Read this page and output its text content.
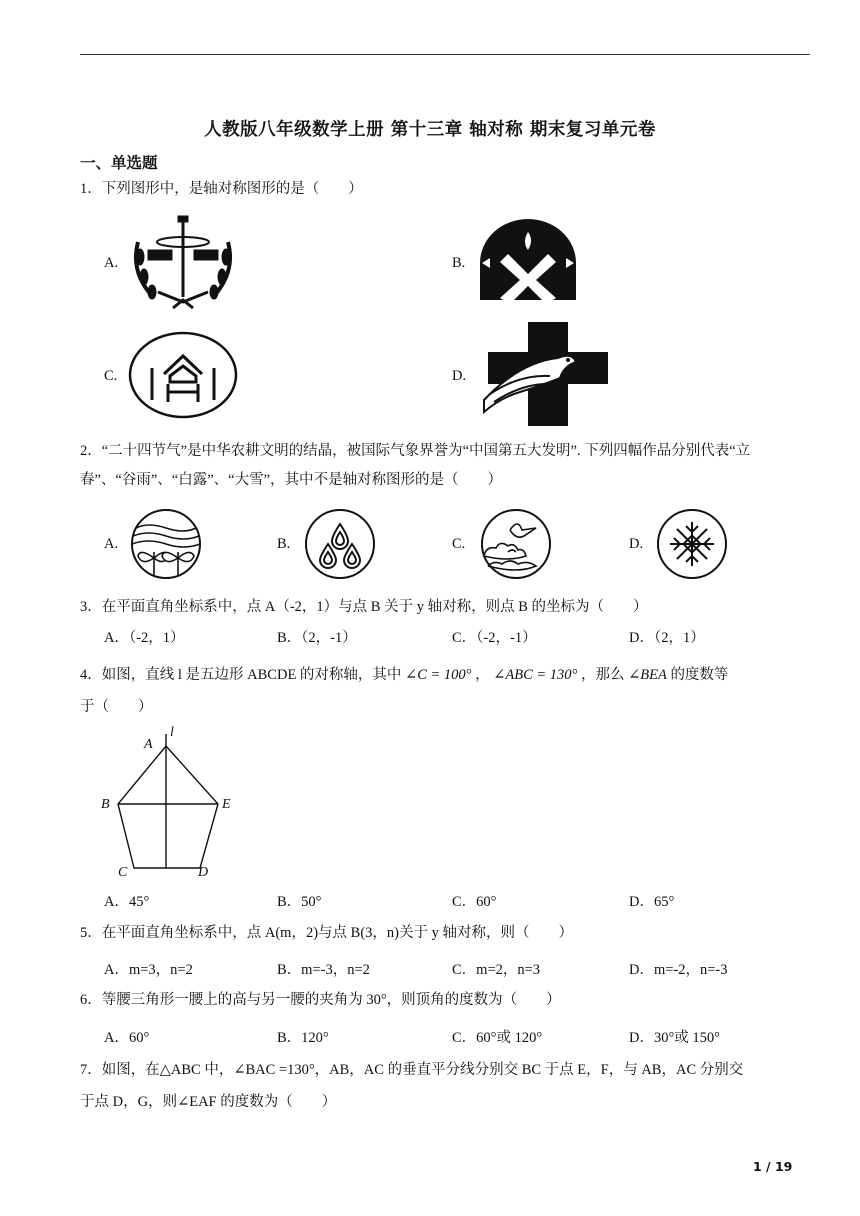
人教版八年级数学上册 第十三章 轴对称 期末复习单元卷
一、单选题
1．下列图形中，是轴对称图形的是（　　）
A.	B.
C.	D.
2．“二十四节气”是中华农耕文明的结晶，被国际气象界誉为“中国第五大发明”. 下列四幅作品分别代表“立
春”、“谷雨”、“白露”、“大雪”，其中不是轴对称图形的是（　　）
A.	B.	C.	D.
3．在平面直角坐标系中，点 A（-2，1）与点 B 关于 y 轴对称，则点 B 的坐标为（　　）
A．（-2，1）	B．（2，-1）	C．（-2，-1）	D．（2，1）
4．如图，直线 l 是五边形 ABCDE 的对称轴，其中 ∠C = 100° ， ∠ABC = 130° ，那么 ∠BEA 的度数等
于（　　）
A
l
B	E
C	D
A．45°	B．50°	C．60°	D．65°
5．在平面直角坐标系中，点 A(m，2)与点 B(3，n)关于 y 轴对称，则（　　）
A．m=3，n=2	B．m=-3，n=2	C．m=2，n=3	D．m=-2，n=-3
6．等腰三角形一腰上的高与另一腰的夹角为 30°，则顶角的度数为（　　）
A．60°	B．120°	C．60°或 120°	D．30°或 150°
7．如图，在△ABC 中，∠BAC =130°，AB，AC 的垂直平分线分别交 BC 于点 E，F，与 AB，AC 分别交
于点 D，G，则∠EAF 的度数为（　　）
1 / 19
